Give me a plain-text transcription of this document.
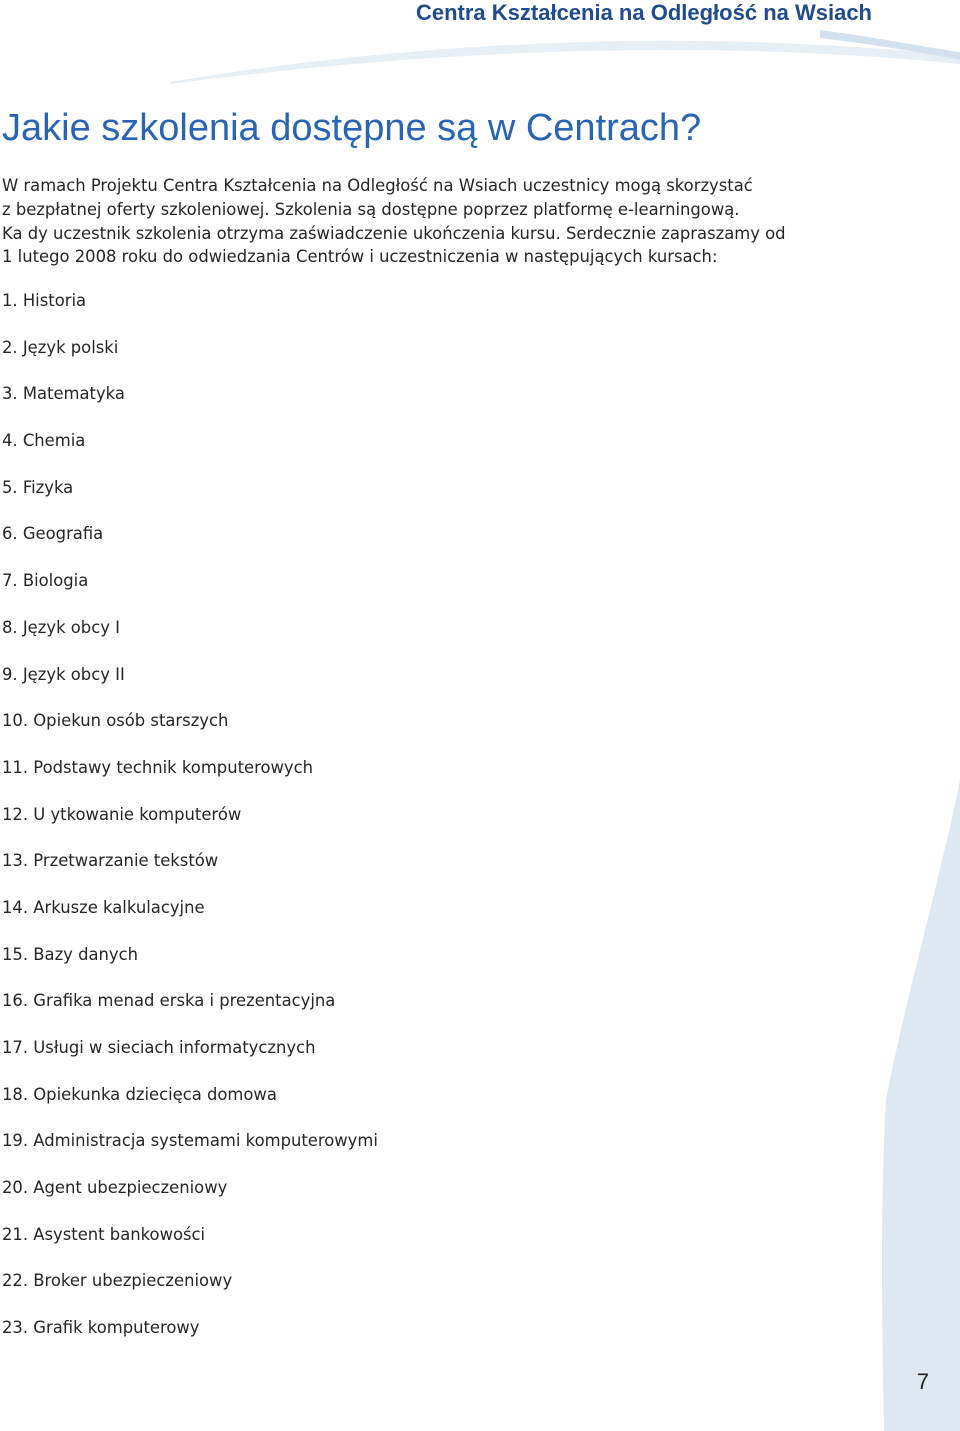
Centra Kształcenia na Odległość na Wsiach
Jakie szkolenia dostępne są w Centrach?

W ramach Projektu Centra Kształcenia na Odległość na Wsiach uczestnicy mogą skorzystać
z bezpłatnej oferty szkoleniowej. Szkolenia są dostępne poprzez platformę e-learningową.
Ka dy uczestnik szkolenia otrzyma zaświadczenie ukończenia kursu. Serdecznie zapraszamy od
1 lutego 2008 roku do odwiedzania Centrów i uczestniczenia w następujących kursach:

1. Historia
2. Język polski
3. Matematyka
4. Chemia
5. Fizyka
6. Geografia
7. Biologia
8. Język obcy I
9. Język obcy II
10. Opiekun osób starszych
11. Podstawy technik komputerowych
12. U ytkowanie komputerów
13. Przetwarzanie tekstów
14. Arkusze kalkulacyjne
15. Bazy danych
16. Grafika menad erska i prezentacyjna
17. Usługi w sieciach informatycznych
18. Opiekunka dziecięca domowa
19. Administracja systemami komputerowymi
20. Agent ubezpieczeniowy
21. Asystent bankowości
22. Broker ubezpieczeniowy
23. Grafik komputerowy
7
